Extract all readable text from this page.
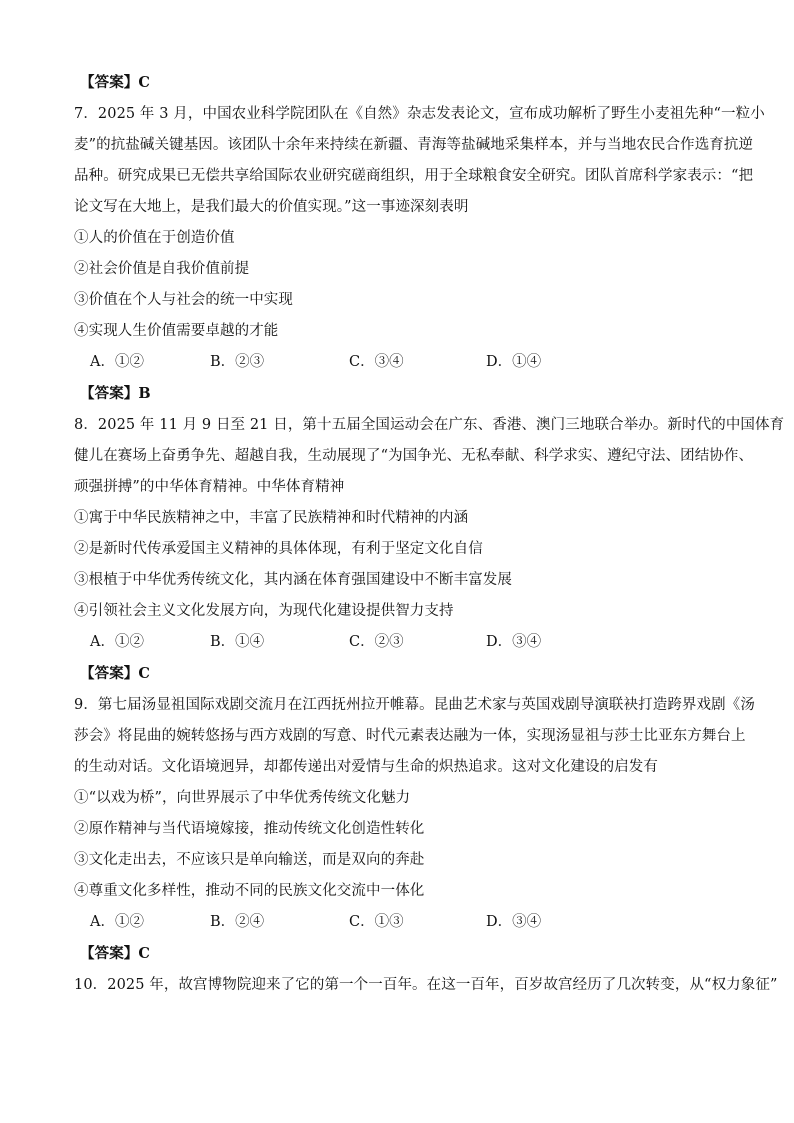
【答案】C
7．2025 年 3 月，中国农业科学院团队在《自然》杂志发表论文，宣布成功解析了野生小麦祖先种“一粒小
麦”的抗盐碱关键基因。该团队十余年来持续在新疆、青海等盐碱地采集样本，并与当地农民合作选育抗逆
品种。研究成果已无偿共享给国际农业研究磋商组织，用于全球粮食安全研究。团队首席科学家表示：“把
论文写在大地上，是我们最大的价值实现。”这一事迹深刻表明
①人的价值在于创造价值
②社会价值是自我价值前提
③价值在个人与社会的统一中实现
④实现人生价值需要卓越的才能
A．①②	B．②③	C．③④	D．①④
【答案】B
8．2025 年 11 月 9 日至 21 日，第十五届全国运动会在广东、香港、澳门三地联合举办。新时代的中国体育
健儿在赛场上奋勇争先、超越自我，生动展现了“为国争光、无私奉献、科学求实、遵纪守法、团结协作、
顽强拼搏”的中华体育精神。中华体育精神
①寓于中华民族精神之中，丰富了民族精神和时代精神的内涵
②是新时代传承爱国主义精神的具体体现，有利于坚定文化自信
③根植于中华优秀传统文化，其内涵在体育强国建设中不断丰富发展
④引领社会主义文化发展方向，为现代化建设提供智力支持
A．①②	B．①④	C．②③	D．③④
【答案】C
9．第七届汤显祖国际戏剧交流月在江西抚州拉开帷幕。昆曲艺术家与英国戏剧导演联袂打造跨界戏剧《汤
莎会》将昆曲的婉转悠扬与西方戏剧的写意、时代元素表达融为一体，实现汤显祖与莎士比亚东方舞台上
的生动对话。文化语境迥异，却都传递出对爱情与生命的炽热追求。这对文化建设的启发有
①“以戏为桥”，向世界展示了中华优秀传统文化魅力
②原作精神与当代语境嫁接，推动传统文化创造性转化
③文化走出去，不应该只是单向输送，而是双向的奔赴
④尊重文化多样性，推动不同的民族文化交流中一体化
A．①②	B．②④	C．①③	D．③④
【答案】C
10．2025 年，故宫博物院迎来了它的第一个一百年。在这一百年，百岁故宫经历了几次转变，从“权力象征”
